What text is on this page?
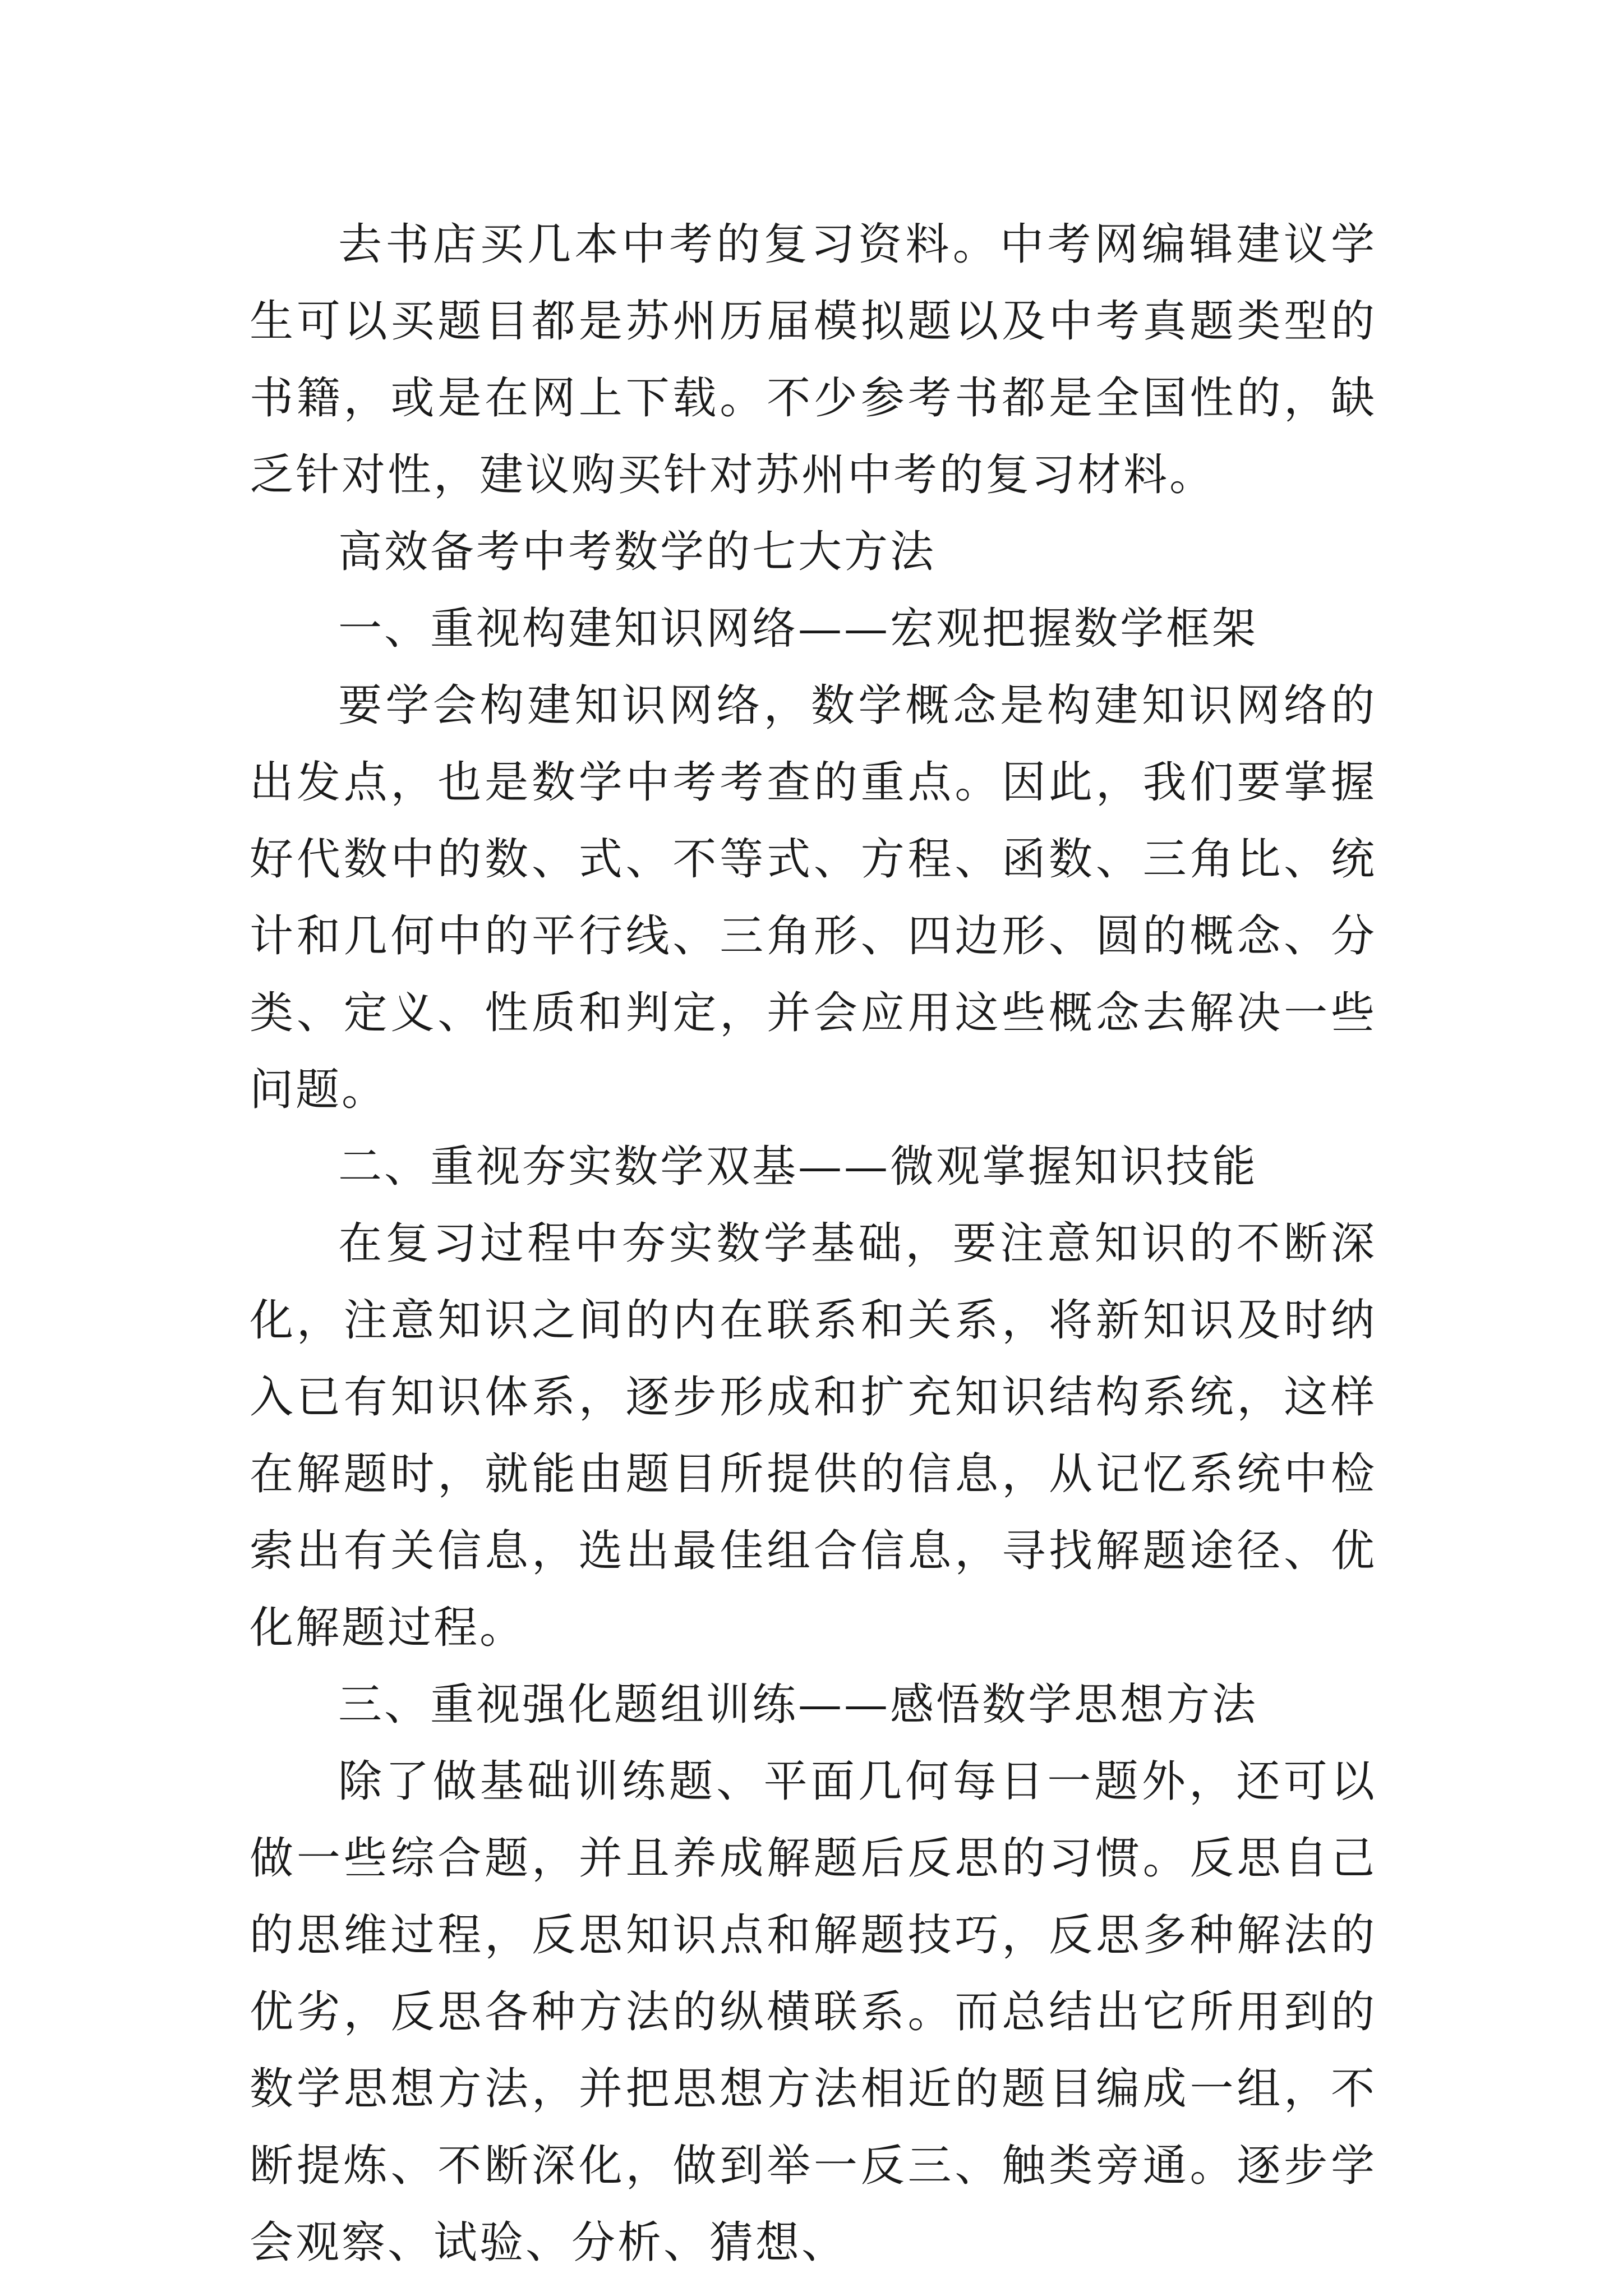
去书店买几本中考的复习资料。中考网编辑建议学生可以买题目都是苏州历届模拟题以及中考真题类型的书籍，或是在网上下载。不少参考书都是全国性的，缺乏针对性，建议购买针对苏州中考的复习材料。

高效备考中考数学的七大方法

一、重视构建知识网络——宏观把握数学框架

要学会构建知识网络，数学概念是构建知识网络的出发点，也是数学中考考查的重点。因此，我们要掌握好代数中的数、式、不等式、方程、函数、三角比、统计和几何中的平行线、三角形、四边形、圆的概念、分类、定义、性质和判定，并会应用这些概念去解决一些问题。

二、重视夯实数学双基——微观掌握知识技能

在复习过程中夯实数学基础，要注意知识的不断深化，注意知识之间的内在联系和关系，将新知识及时纳入已有知识体系，逐步形成和扩充知识结构系统，这样在解题时，就能由题目所提供的信息，从记忆系统中检索出有关信息，选出最佳组合信息，寻找解题途径、优化解题过程。

三、重视强化题组训练——感悟数学思想方法

除了做基础训练题、平面几何每日一题外，还可以做一些综合题，并且养成解题后反思的习惯。反思自己的思维过程，反思知识点和解题技巧，反思多种解法的优劣，反思各种方法的纵横联系。而总结出它所用到的数学思想方法，并把思想方法相近的题目编成一组，不断提炼、不断深化，做到举一反三、触类旁通。逐步学会观察、试验、分析、猜想、
